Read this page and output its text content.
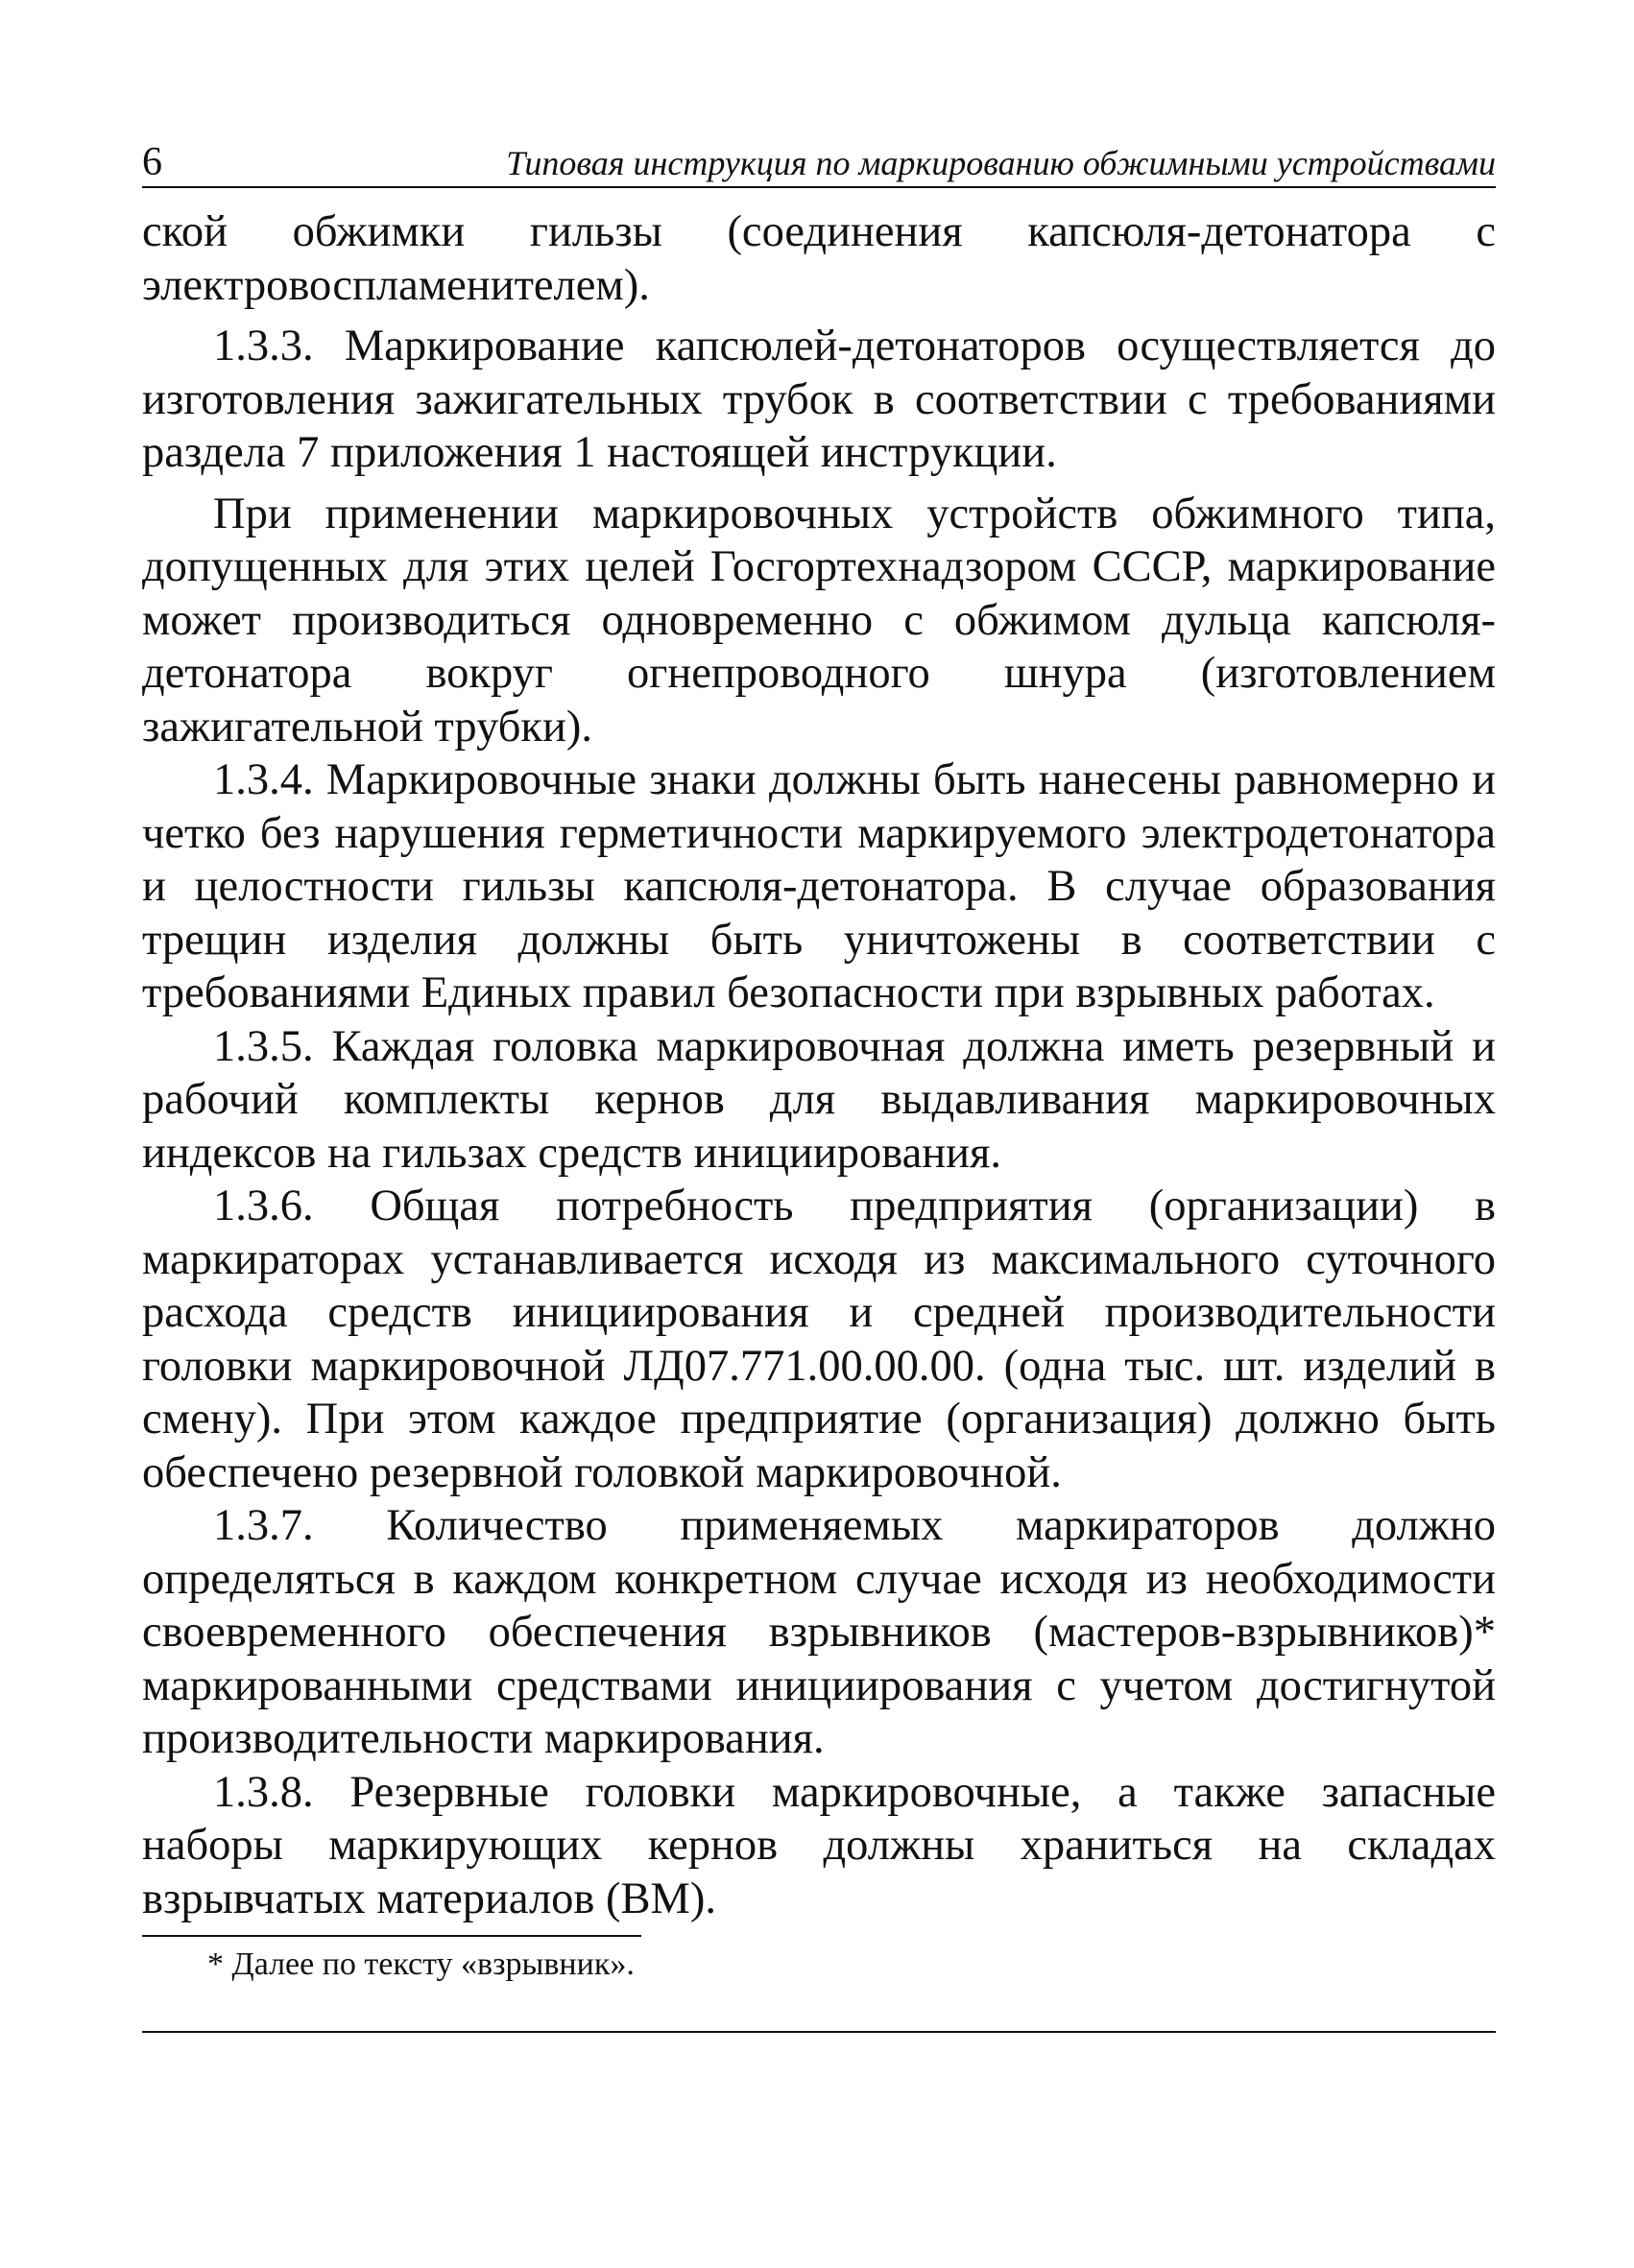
6	Типовая инструкция по маркированию обжимными устройствами

ской обжимки гильзы (соединения капсюля-детонатора с электровоспламенителем).

1.3.3. Маркирование капсюлей-детонаторов осуществляется до изготовления зажигательных трубок в соответствии с требованиями раздела 7 приложения 1 настоящей инструкции.

При применении маркировочных устройств обжимного типа, допущенных для этих целей Госгортехнадзором СССР, маркирование может производиться одновременно с обжимом дульца капсюля-детонатора вокруг огнепроводного шнура (изготовлением зажигательной трубки).

1.3.4. Маркировочные знаки должны быть нанесены равномерно и четко без нарушения герметичности маркируемого электродетонатора и целостности гильзы капсюля-детонатора. В случае образования трещин изделия должны быть уничтожены в соответствии с требованиями Единых правил безопасности при взрывных работах.

1.3.5. Каждая головка маркировочная должна иметь резервный и рабочий комплекты кернов для выдавливания маркировочных индексов на гильзах средств инициирования.

1.3.6. Общая потребность предприятия (организации) в маркираторах устанавливается исходя из максимального суточного расхода средств инициирования и средней производительности головки маркировочной ЛД07.771.00.00.00. (одна тыс. шт. изделий в смену). При этом каждое предприятие (организация) должно быть обеспечено резервной головкой маркировочной.

1.3.7. Количество применяемых маркираторов должно определяться в каждом конкретном случае исходя из необходимости своевременного обеспечения взрывников (мастеров-взрывников)* маркированными средствами инициирования с учетом достигнутой производительности маркирования.

1.3.8. Резервные головки маркировочные, а также запасные наборы маркирующих кернов должны храниться на складах взрывчатых материалов (ВМ).

* Далее по тексту «взрывник».
